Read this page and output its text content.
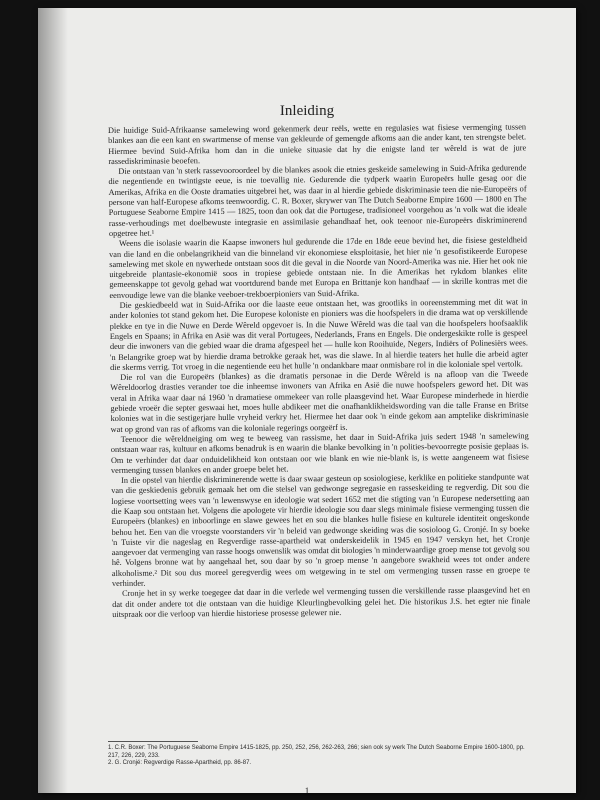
Inleiding

Die huidige Suid-Afrikaanse samelewing word gekenmerk deur reëls, wette en regulasies wat fisiese vermenging tussen blankes aan die een kant en swartmense of mense van gekleurde of gemengde afkoms aan die ander kant, ten strengste belet. Hiermee bevind Suid-Afrika hom dan in die unieke situasie dat hy die enigste land ter wêreld is wat de jure rassediskriminasie beoefen.

Die ontstaan van 'n sterk rassevooroordeel by die blankes asook die etnies geskeide samelewing in Suid-Afrika gedurende die negentiende en twintigste eeue, is nie toevallig nie. Gedurende die tydperk waarin Europeërs hulle gesag oor die Amerikas, Afrika en die Ooste dramaties uitgebrei het, was daar in al hierdie gebiede diskriminasie teen die nie-Europeërs of persone van half-Europese afkoms teenwoordig. C. R. Boxer, skrywer van The Dutch Seaborne Empire 1600 — 1800 en The Portuguese Seaborne Empire 1415 — 1825, toon dan ook dat die Portugese, tradisioneel voorgehou as 'n volk wat die ideale rasse-verhoudings met doelbewuste integrasie en assimilasie gehandhaaf het, ook teenoor nie-Europeërs diskriminerend opgetree het.¹

Weens die isolasie waarin die Kaapse inwoners hul gedurende die 17de en 18de eeue bevind het, die fisiese gesteldheid van die land en die onbelangrikheid van die binneland vir ekonomiese eksploitasie, het hier nie 'n gesofistikeerde Europese samelewing met skole en nywerhede ontstaan soos dit die geval in die Noorde van Noord-Amerika was nie. Hier het ook nie uitgebreide plantasie-ekonomië soos in tropiese gebiede ontstaan nie. In die Amerikas het rykdom blankes elite gemeenskappe tot gevolg gehad wat voortdurend bande met Europa en Brittanje kon handhaaf — in skrille kontras met die eenvoudige lewe van die blanke veeboer-trekboerpioniers van Suid-Afrika.

Die geskiedbeeld wat in Suid-Afrika oor die laaste eeue ontstaan het, was grootliks in ooreenstemming met dit wat in ander kolonies tot stand gekom het. Die Europese koloniste en pioniers was die hoofspelers in die drama wat op verskillende plekke en tye in die Nuwe en Derde Wêreld opgevoer is. In die Nuwe Wêreld was die taal van die hoofspelers hoofsaaklik Engels en Spaans; in Afrika en Asië was dit veral Portugees, Nederlands, Frans en Engels. Die ondergeskikte rolle is gespeel deur die inwoners van die gebied waar die drama afgespeel het — hulle kon Rooihuide, Negers, Indiërs of Polinesiërs wees. 'n Belangrike groep wat by hierdie drama betrokke geraak het, was die slawe. In al hierdie teaters het hulle die arbeid agter die skerms verrig. Tot vroeg in die negentiende eeu het hulle 'n ondankbare maar onmisbare rol in die koloniale spel vertolk.

Die rol van die Europeërs (blankes) as die dramatis personae in die Derde Wêreld is na afloop van die Tweede Wêreldoorlog drasties verander toe die inheemse inwoners van Afrika en Asië die nuwe hoofspelers geword het. Dit was veral in Afrika waar daar ná 1960 'n dramatiese ommekeer van rolle plaasgevind het. Waar Europese minderhede in hierdie gebiede vroeër die septer geswaai het, moes hulle abdikeer met die onafhanklikheidswording van die talle Franse en Britse kolonies wat in die sestigerjare hulle vryheid verkry het. Hiermee het daar ook 'n einde gekom aan amptelike diskriminasie wat op grond van ras of afkoms van die koloniale regerings oorgeërf is.

Teenoor die wêreldneiging om weg te beweeg van rassisme, het daar in Suid-Afrika juis sedert 1948 'n samelewing ontstaan waar ras, kultuur en afkoms benadruk is en waarin die blanke bevolking in 'n polities-bevoorregte posisie geplaas is. Om te verhinder dat daar onduidelikheid kon ontstaan oor wie blank en wie nie-blank is, is wette aangeneem wat fisiese vermenging tussen blankes en ander groepe belet het.

In die opstel van hierdie diskriminerende wette is daar swaar gesteun op sosiologiese, kerklike en politieke standpunte wat van die geskiedenis gebruik gemaak het om die stelsel van gedwonge segregasie en rasseskeiding te regverdig. Dit sou die logiese voortsetting wees van 'n lewenswyse en ideologie wat sedert 1652 met die stigting van 'n Europese nedersetting aan die Kaap sou ontstaan het. Volgens die apologete vir hierdie ideologie sou daar slegs minimale fisiese vermenging tussen die Europeërs (blankes) en inboorlinge en slawe gewees het en sou die blankes hulle fisiese en kulturele identiteit ongeskonde behou het. Een van die vroegste voorstanders vir 'n beleid van gedwonge skeiding was die sosioloog G. Cronjé. In sy boeke 'n Tuiste vir die nageslag en Regverdige rasse-apartheid wat onderskeidelik in 1945 en 1947 verskyn het, het Cronje aangevoer dat vermenging van rasse hoogs onwenslik was omdat dit biologies 'n minderwaardige groep mense tot gevolg sou hê. Volgens bronne wat hy aangehaal het, sou daar by so 'n groep mense 'n aangebore swakheid wees tot onder andere alkoholisme.² Dit sou dus moreel geregverdig wees om wetgewing in te stel om vermenging tussen rasse en groepe te verhinder.

Cronje het in sy werke toegegee dat daar in die verlede wel vermenging tussen die verskillende rasse plaasgevind het en dat dit onder andere tot die ontstaan van die huidige Kleurlingbevolking gelei het. Die historikus J.S. het egter nie finale uitspraak oor die verloop van hierdie historiese prosesse gelewer nie.

1. C.R. Boxer: The Portuguese Seaborne Empire 1415-1825, pp. 250, 252, 256, 262-263, 266; sien ook sy werk The Dutch Seaborne Empire 1600-1800, pp. 217, 226, 229, 233.
2. G. Cronjé: Regverdige Rasse-Apartheid, pp. 86-87.
1
